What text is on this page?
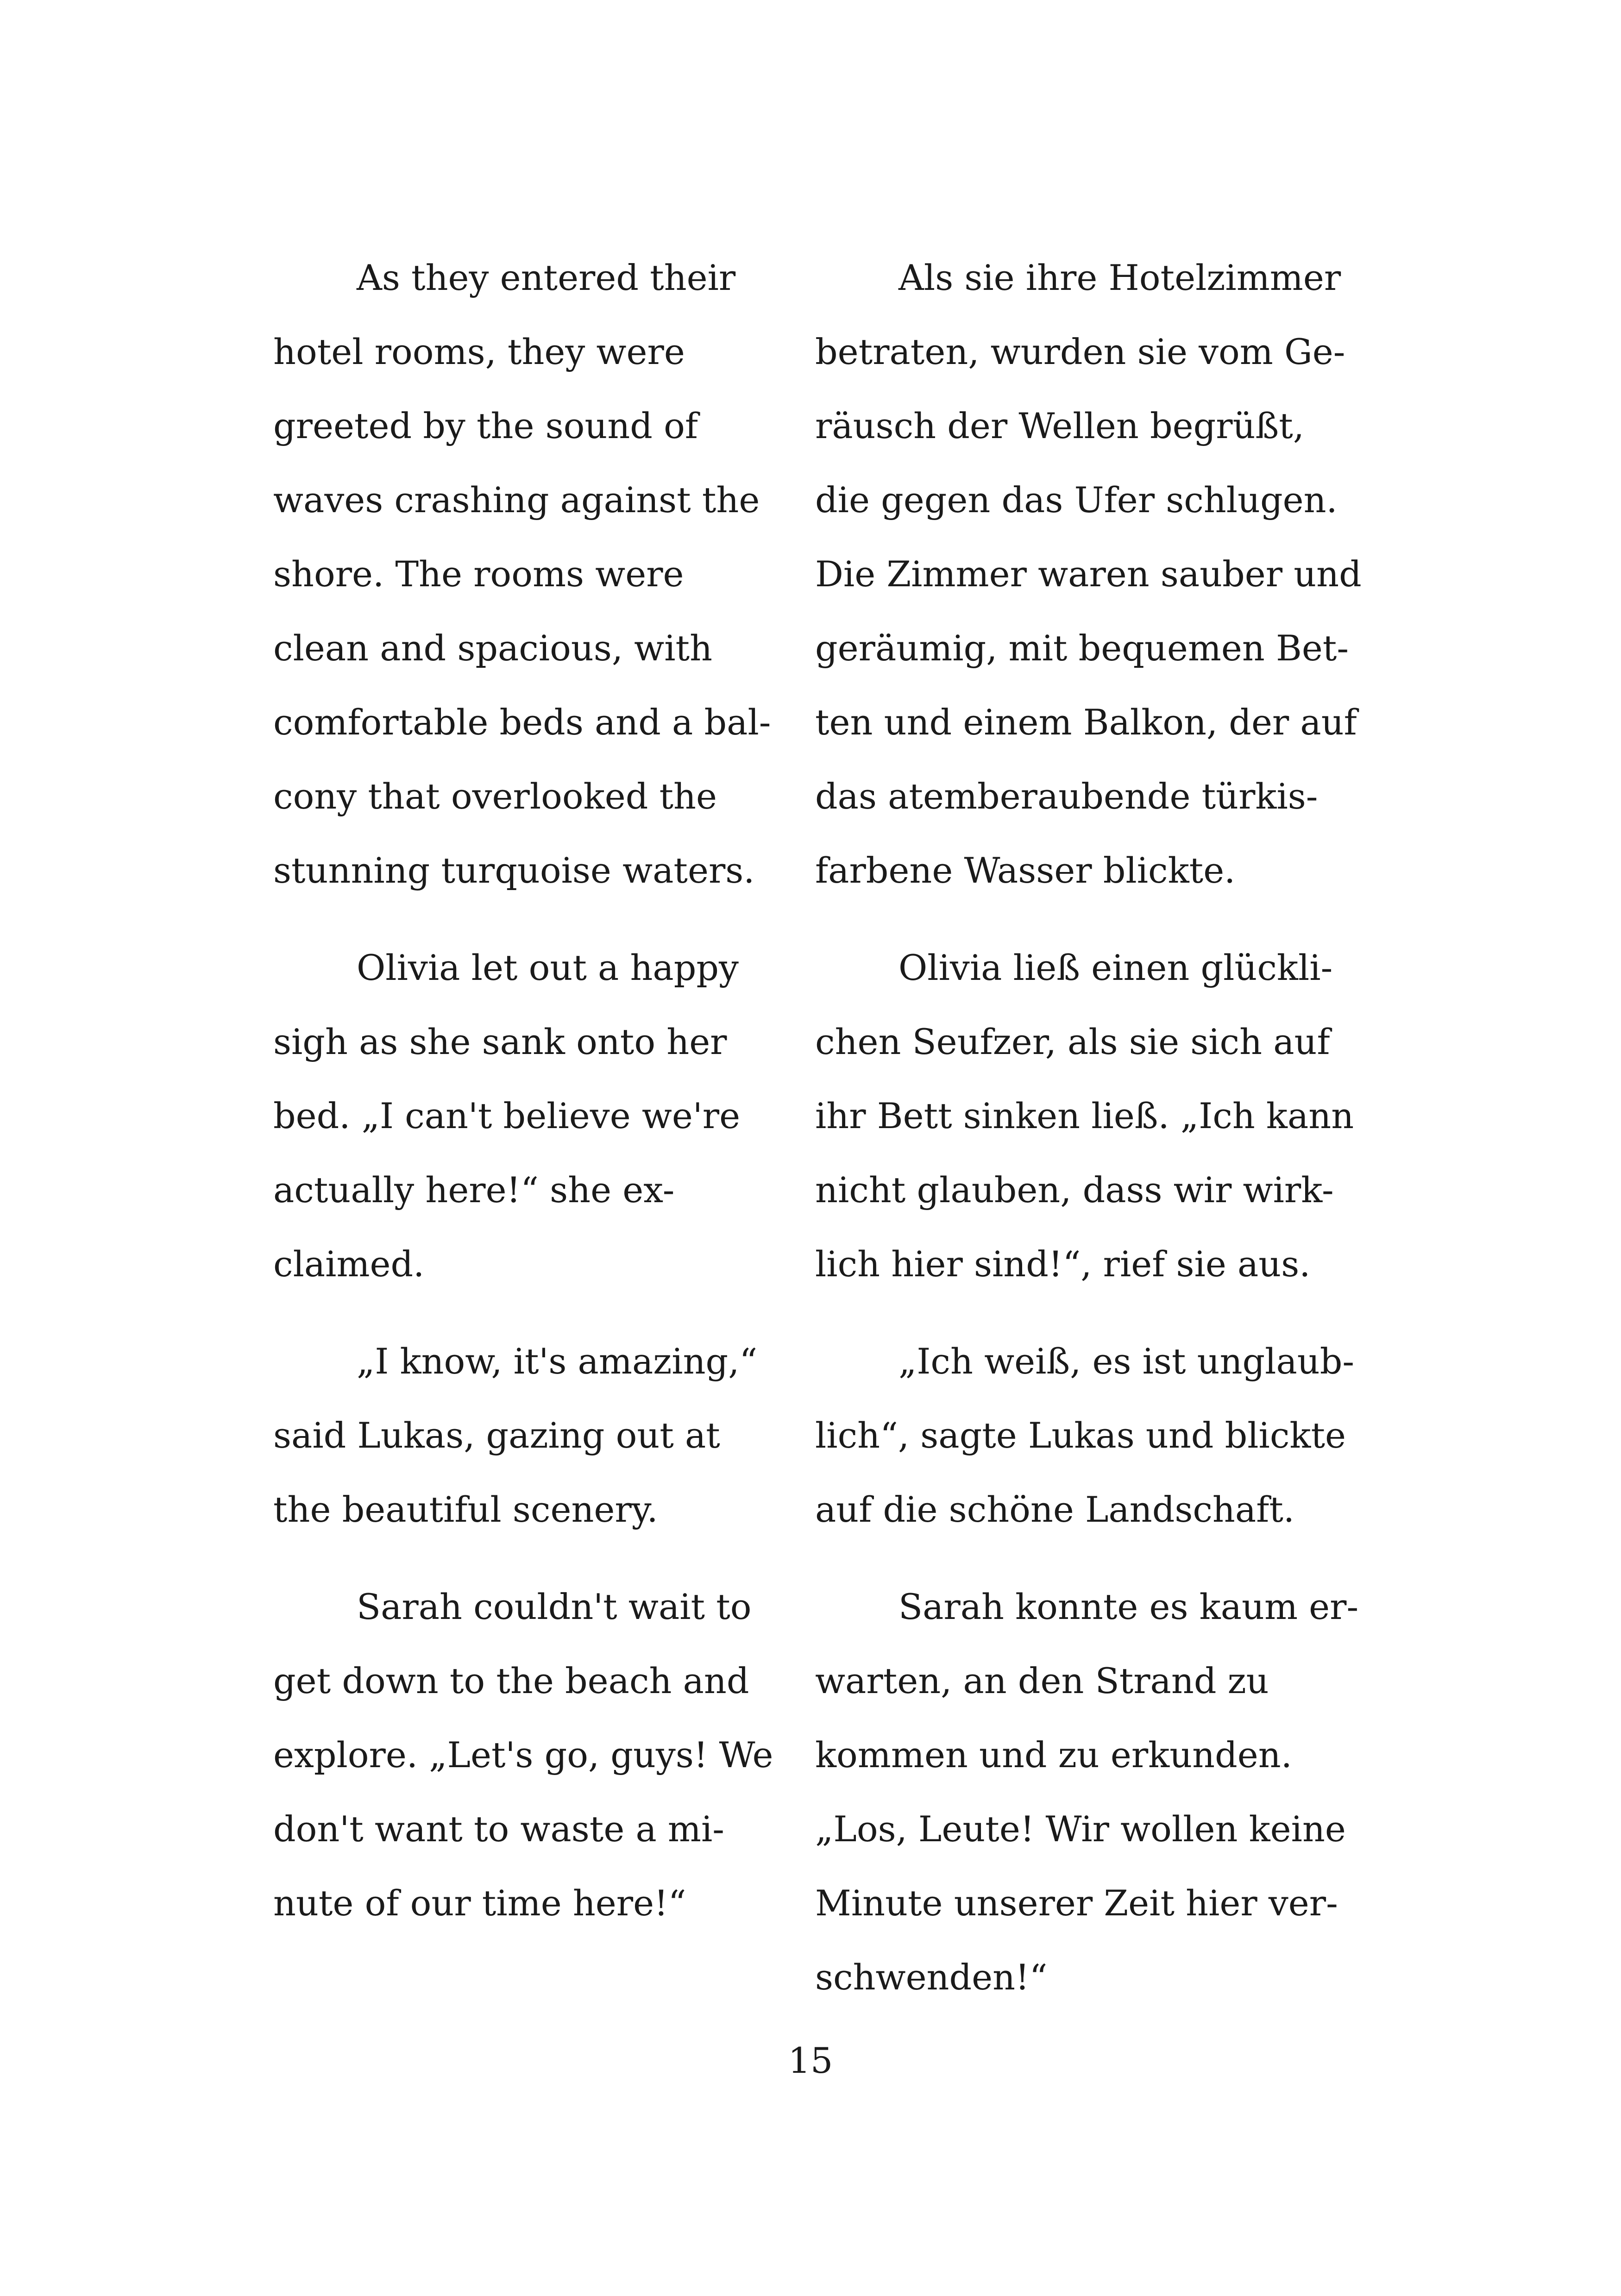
As they entered their
hotel rooms, they were
greeted by the sound of
waves crashing against the
shore. The rooms were
clean and spacious, with
comfortable beds and a bal-
cony that overlooked the
stunning turquoise waters.

Olivia let out a happy
sigh as she sank onto her
bed. „I can't believe we're
actually here!“ she ex-
claimed.

„I know, it's amazing,“
said Lukas, gazing out at
the beautiful scenery.

Sarah couldn't wait to
get down to the beach and
explore. „Let's go, guys! We
don't want to waste a mi-
nute of our time here!“

Als sie ihre Hotelzimmer
betraten, wurden sie vom Ge-
räusch der Wellen begrüßt,
die gegen das Ufer schlugen.
Die Zimmer waren sauber und
geräumig, mit bequemen Bet-
ten und einem Balkon, der auf
das atemberaubende türkis-
farbene Wasser blickte.

Olivia ließ einen glückli-
chen Seufzer, als sie sich auf
ihr Bett sinken ließ. „Ich kann
nicht glauben, dass wir wirk-
lich hier sind!“, rief sie aus.

„Ich weiß, es ist unglaub-
lich“, sagte Lukas und blickte
auf die schöne Landschaft.

Sarah konnte es kaum er-
warten, an den Strand zu
kommen und zu erkunden.
„Los, Leute! Wir wollen keine
Minute unserer Zeit hier ver-
schwenden!“

15
